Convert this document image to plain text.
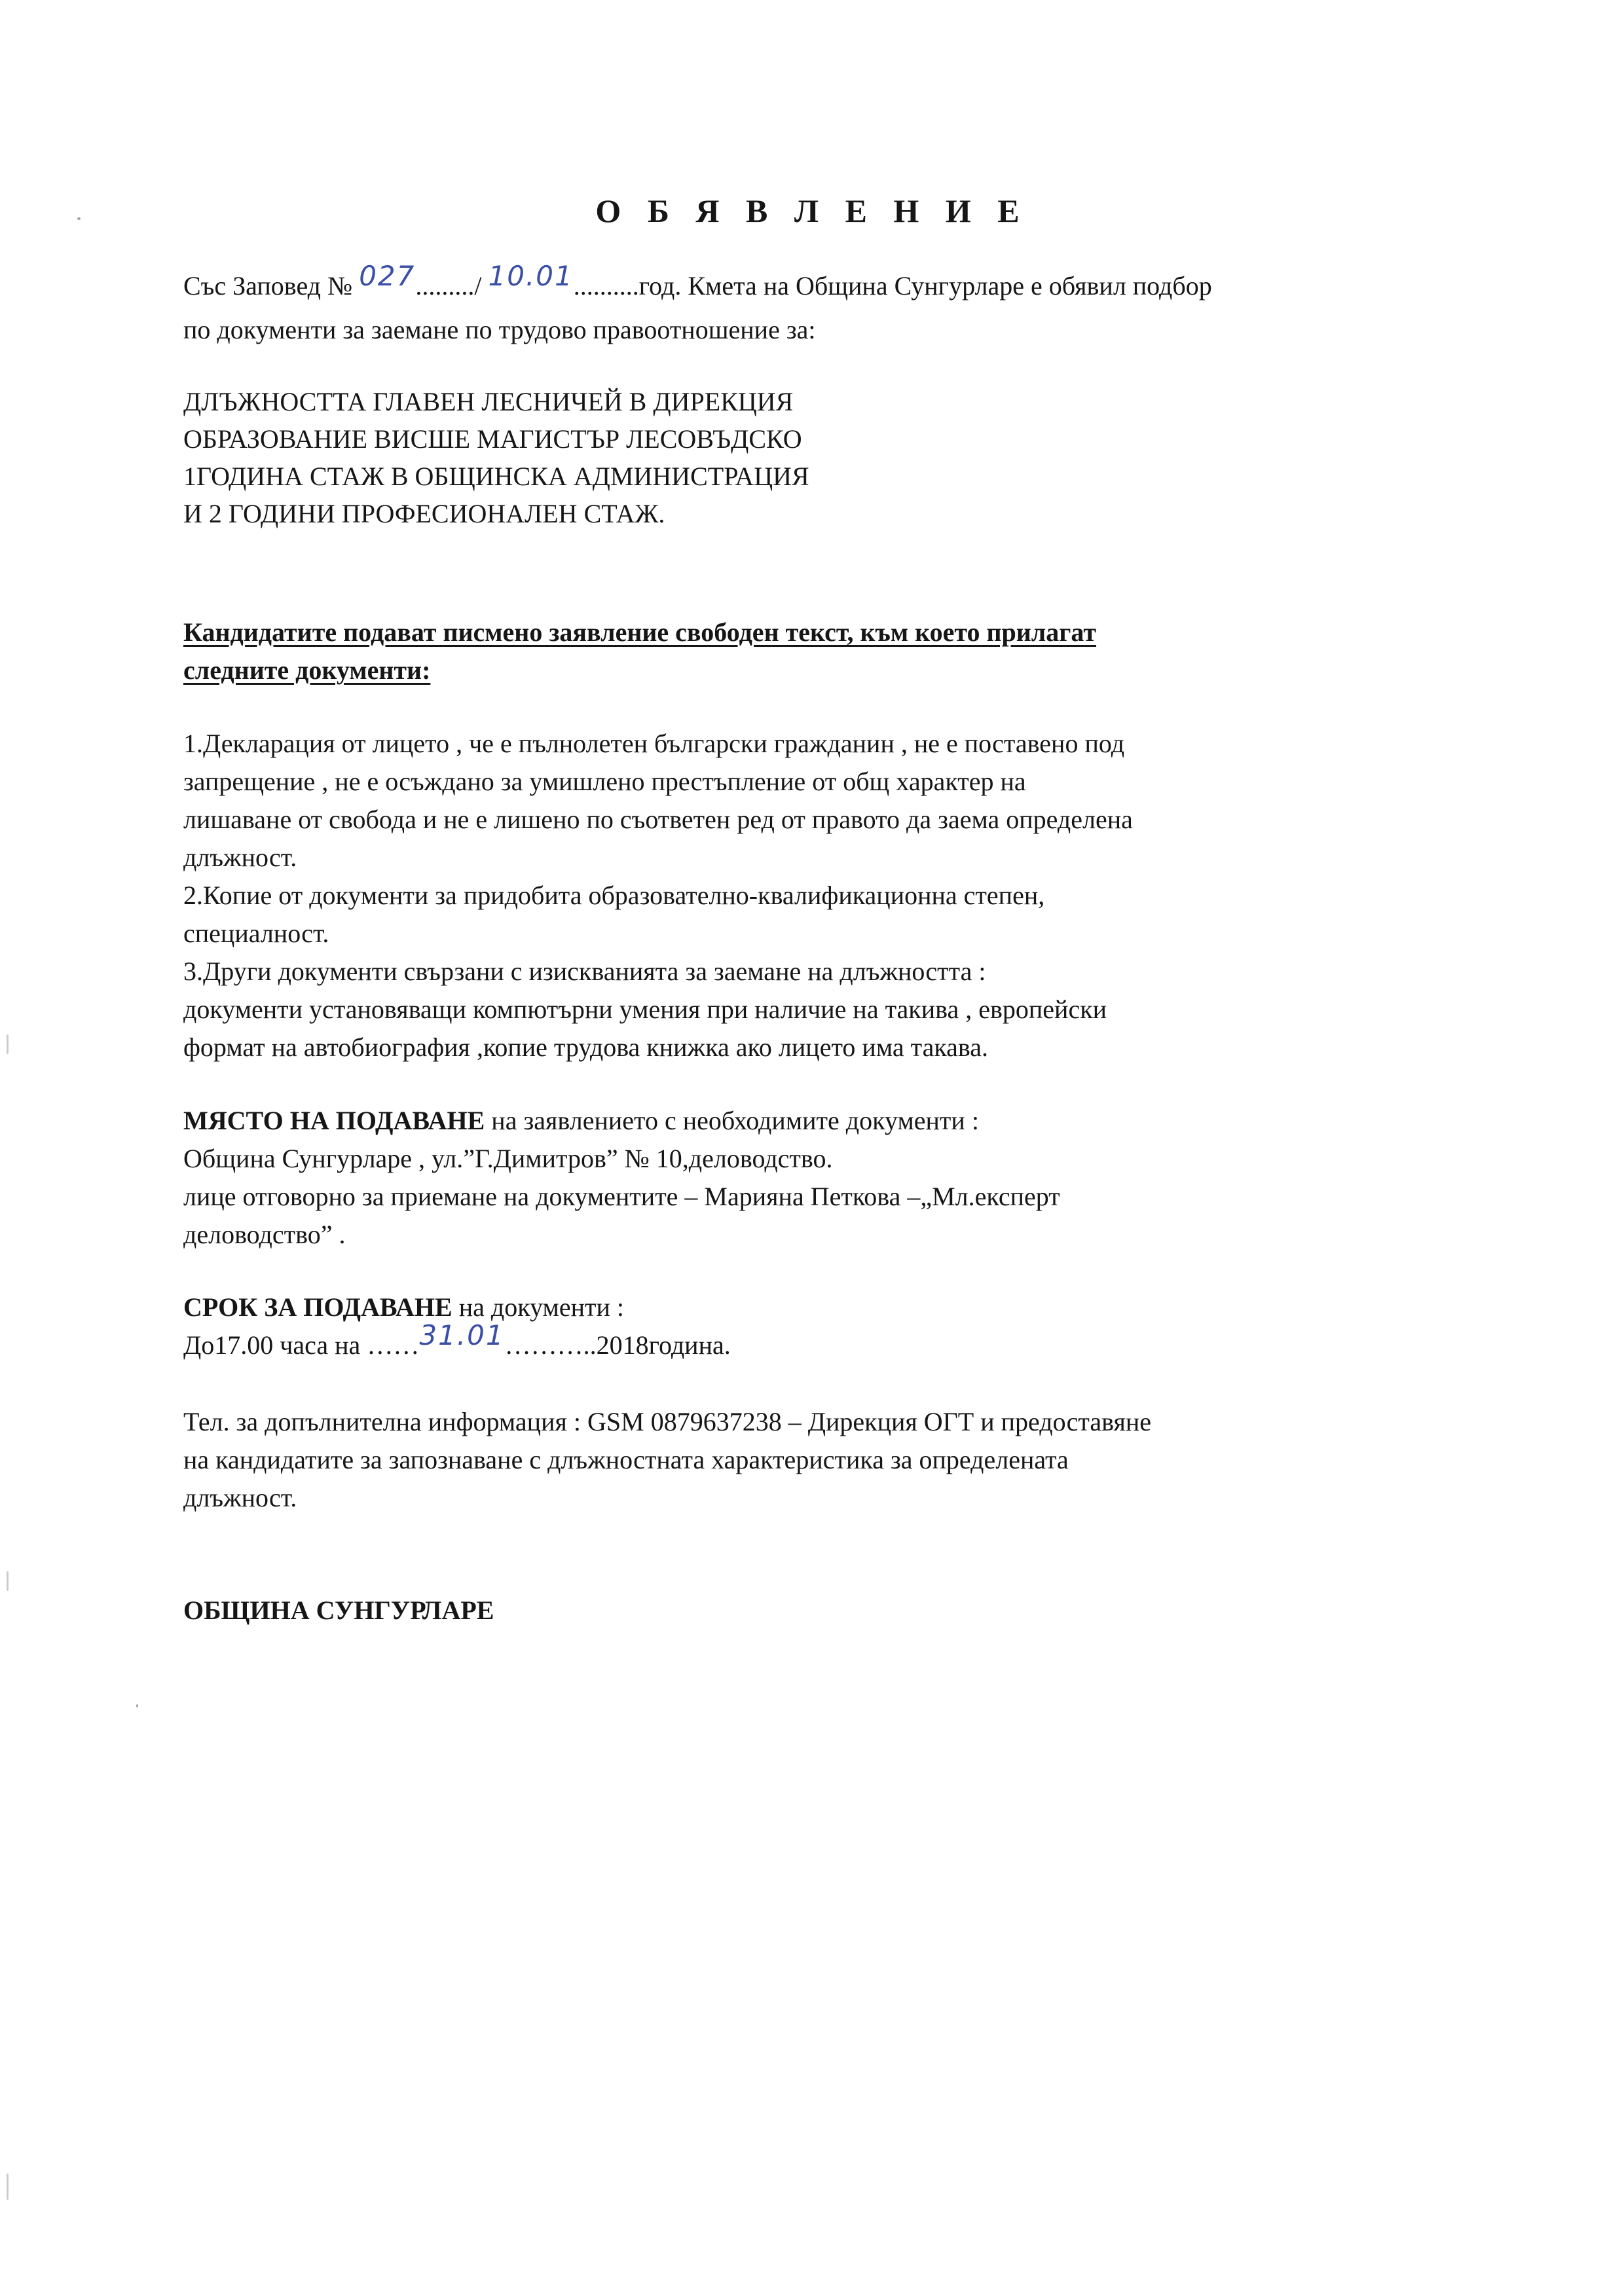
О Б Я В Л Е Н И Е
Със Заповед № 027........./ 10.01..........год. Кмета на Община Сунгурларе е обявил подбор
по документи за заемане по трудово правоотношение за:
ДЛЪЖНОСТТА ГЛАВЕН ЛЕСНИЧЕЙ В ДИРЕКЦИЯ
ОБРАЗОВАНИЕ ВИСШЕ МАГИСТЪР ЛЕСОВЪДСКО
1ГОДИНА СТАЖ В ОБЩИНСКА АДМИНИСТРАЦИЯ
И 2 ГОДИНИ ПРОФЕСИОНАЛЕН СТАЖ.
Кандидатите подават писмено заявление свободен текст, към което прилагат
следните документи:
1.Декларация от лицето , че е пълнолетен български гражданин , не е поставено под
запрещение , не е осъждано за умишлено престъпление от общ характер на
лишаване от свобода и не е лишено по съответен ред от правото да заема определена
длъжност.
2.Копие от документи за придобита образователно-квалификационна степен,
специалност.
3.Други документи свързани с изискванията за заемане на длъжността :
документи установяващи компютърни умения при наличие на такива , европейски
формат на автобиография ,копие трудова книжка ако лицето има такава.
МЯСТО НА ПОДАВАНЕ на заявлението с необходимите документи :
Община Сунгурларе , ул.”Г.Димитров” № 10,деловодство.
лице отговорно за приемане на документите – Марияна Петкова –„Мл.експерт
деловодство” .
СРОК ЗА ПОДАВАНЕ на документи :
До17.00 часа на ……31.01………..2018година.
Тел. за допълнителна информация : GSM 0879637238 – Дирекция ОГТ и предоставяне
на кандидатите за запознаване с длъжностната характеристика за определената
длъжност.
ОБЩИНА СУНГУРЛАРЕ
